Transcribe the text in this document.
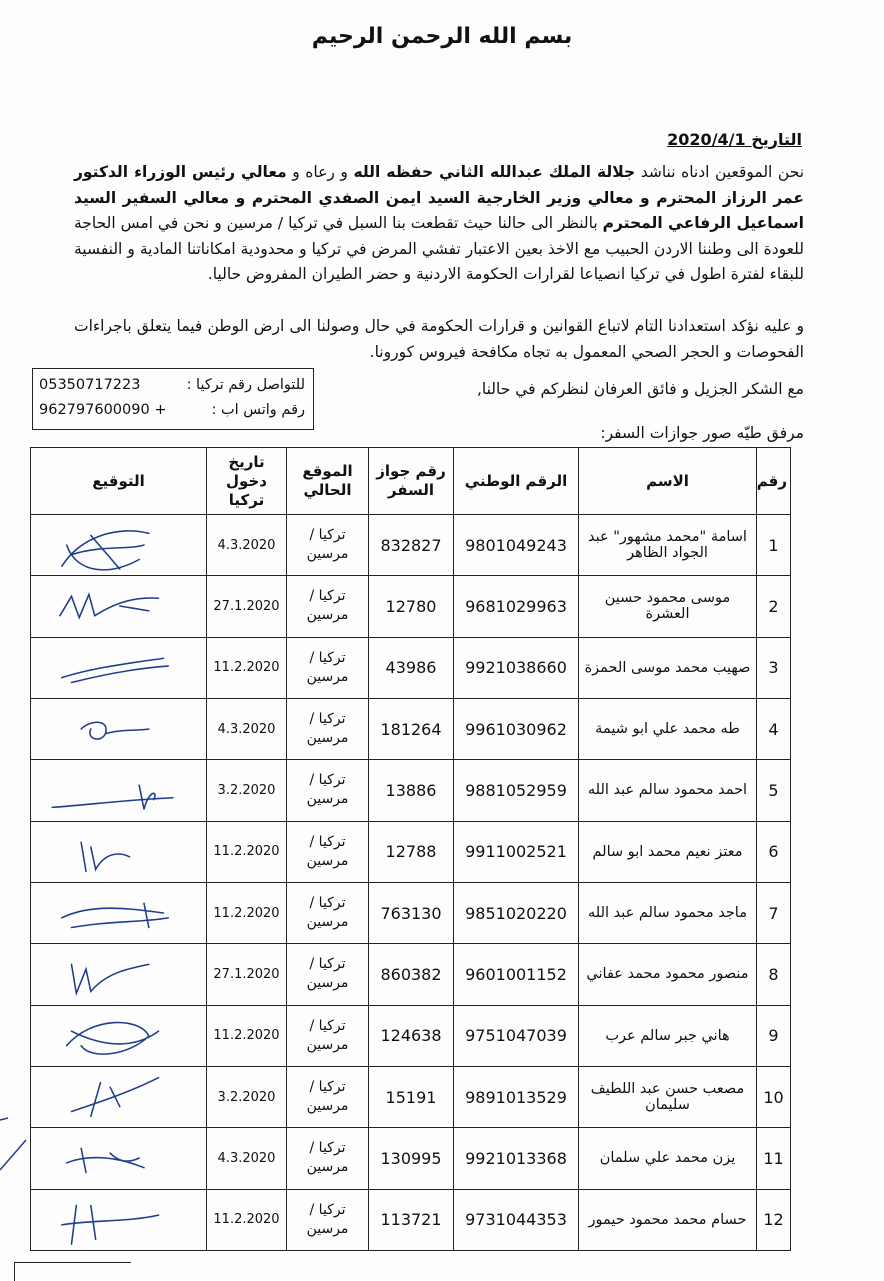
بسم الله الرحمن الرحيم
التاريخ 2020/4/1
نحن الموقعين ادناه نناشد جلالة الملك عبدالله الثاني حفظه الله و رعاه و معالي رئيس الوزراء الدكتور عمر الرزاز المحترم و معالي وزير الخارجية السيد ايمن الصفدي المحترم و معالي السفير السيد اسماعيل الرفاعي المحترم بالنظر الى حالنا حيث تقطعت بنا السبل في تركيا / مرسين و نحن في امس الحاجة للعودة الى وطننا الاردن الحبيب مع الاخذ بعين الاعتبار تفشي المرض في تركيا و محدودية امكاناتنا المادية و النفسية للبقاء لفترة اطول في تركيا انصياعا لقرارات الحكومة الاردنية و حضر الطيران المفروض حاليا.
و عليه نؤكد استعدادنا التام لاتباع القوانين و قرارات الحكومة في حال وصولنا الى ارض الوطن فيما يتعلق باجراءات الفحوصات و الحجر الصحي المعمول به تجاه مكافحة فيروس كورونا.
للتواصل رقم تركيا :
05350717223
رقم واتس اب :
962797600090 +
مع الشكر الجزيل و فائق العرفان لنظركم في حالنا,
مرفق طيّه صور جوازات السفر:
رقم	الاسم	الرقم الوطني	رقم جواز السفر	الموقع الحالي	تاريخ دخول تركيا	التوقيع
1	اسامة "محمد مشهور" عبد الجواد الظاهر	9801049243	832827	تركيا / مرسين	4.3.2020	

2	موسى محمود حسين العشرة	9681029963	12780	تركيا / مرسين	27.1.2020	

3	صهيب محمد موسى الحمزة	9921038660	43986	تركيا / مرسين	11.2.2020	

4	طه محمد علي ابو شيمة	9961030962	181264	تركيا / مرسين	4.3.2020	

5	احمد محمود سالم عبد الله	9881052959	13886	تركيا / مرسين	3.2.2020	

6	معتز نعيم محمد ابو سالم	9911002521	12788	تركيا / مرسين	11.2.2020	

7	ماجد محمود سالم عبد الله	9851020220	763130	تركيا / مرسين	11.2.2020	

8	منصور محمود محمد عفاني	9601001152	860382	تركيا / مرسين	27.1.2020	

9	هاني جبر سالم عرب	9751047039	124638	تركيا / مرسين	11.2.2020	

10	مصعب حسن عبد اللطيف سليمان	9891013529	15191	تركيا / مرسين	3.2.2020	

11	يزن محمد علي سلمان	9921013368	130995	تركيا / مرسين	4.3.2020	

12	حسام محمد محمود حيمور	9731044353	113721	تركيا / مرسين	11.2.2020	
